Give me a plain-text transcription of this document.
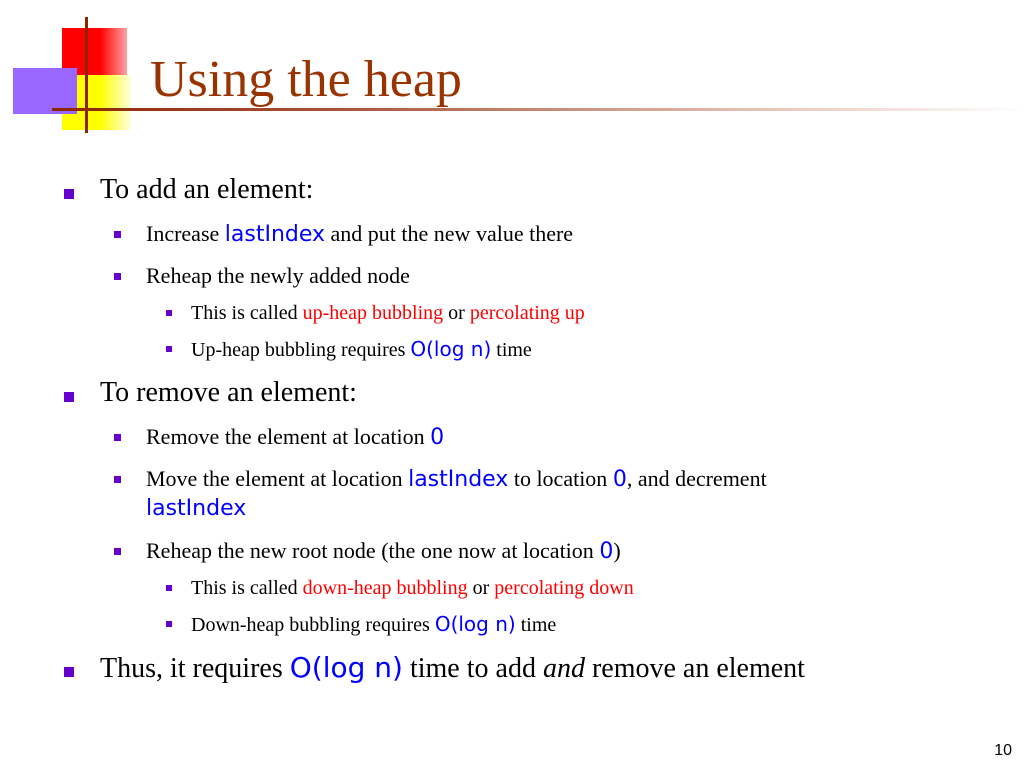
Using the heap
To add an element:
Increase lastIndex and put the new value there
Reheap the newly added node
This is called up-heap bubbling or percolating up
Up-heap bubbling requires O(log n) time
To remove an element:
Remove the element at location 0
Move the element at location lastIndex to location 0, and decrement
lastIndex
Reheap the new root node (the one now at location 0)
This is called down-heap bubbling or percolating down
Down-heap bubbling requires O(log n) time
Thus, it requires O(log n) time to add and remove an element
10
